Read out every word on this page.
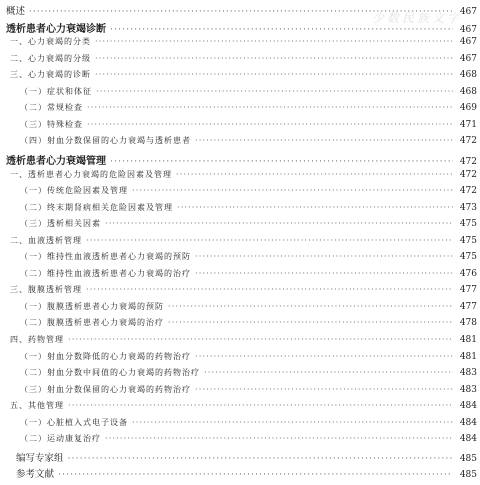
少数民族文字
概述 ·····	467
透析患者心力衰竭诊断 ·····	467
一、心力衰竭的分类 ·····	467
二、心力衰竭的分级 ·····	467
三、心力衰竭的诊断 ·····	468
（一）症状和体征 ·····	468
（二）常规检查 ·····	469
（三）特殊检查 ·····	471
（四）射血分数保留的心力衰竭与透析患者 ·····	472
透析患者心力衰竭管理 ·····	472
一、透析患者心力衰竭的危险因素及管理 ·····	472
（一）传统危险因素及管理 ·····	472
（二）终末期肾病相关危险因素及管理 ·····	473
（三）透析相关因素 ·····	475
二、血液透析管理 ·····	475
（一）维持性血液透析患者心力衰竭的预防 ·····	475
（二）维持性血液透析患者心力衰竭的治疗 ·····	476
三、腹膜透析管理 ·····	477
（一）腹膜透析患者心力衰竭的预防 ·····	477
（二）腹膜透析患者心力衰竭的治疗 ·····	478
四、药物管理 ·····	481
（一）射血分数降低的心力衰竭的药物治疗 ·····	481
（二）射血分数中间值的心力衰竭的药物治疗 ·····	483
（三）射血分数保留的心力衰竭的药物治疗 ·····	483
五、其他管理 ·····	484
（一）心脏植入式电子设备 ·····	484
（二）运动康复治疗 ·····	484
编写专家组 ·····	485
参考文献 ·····	485
